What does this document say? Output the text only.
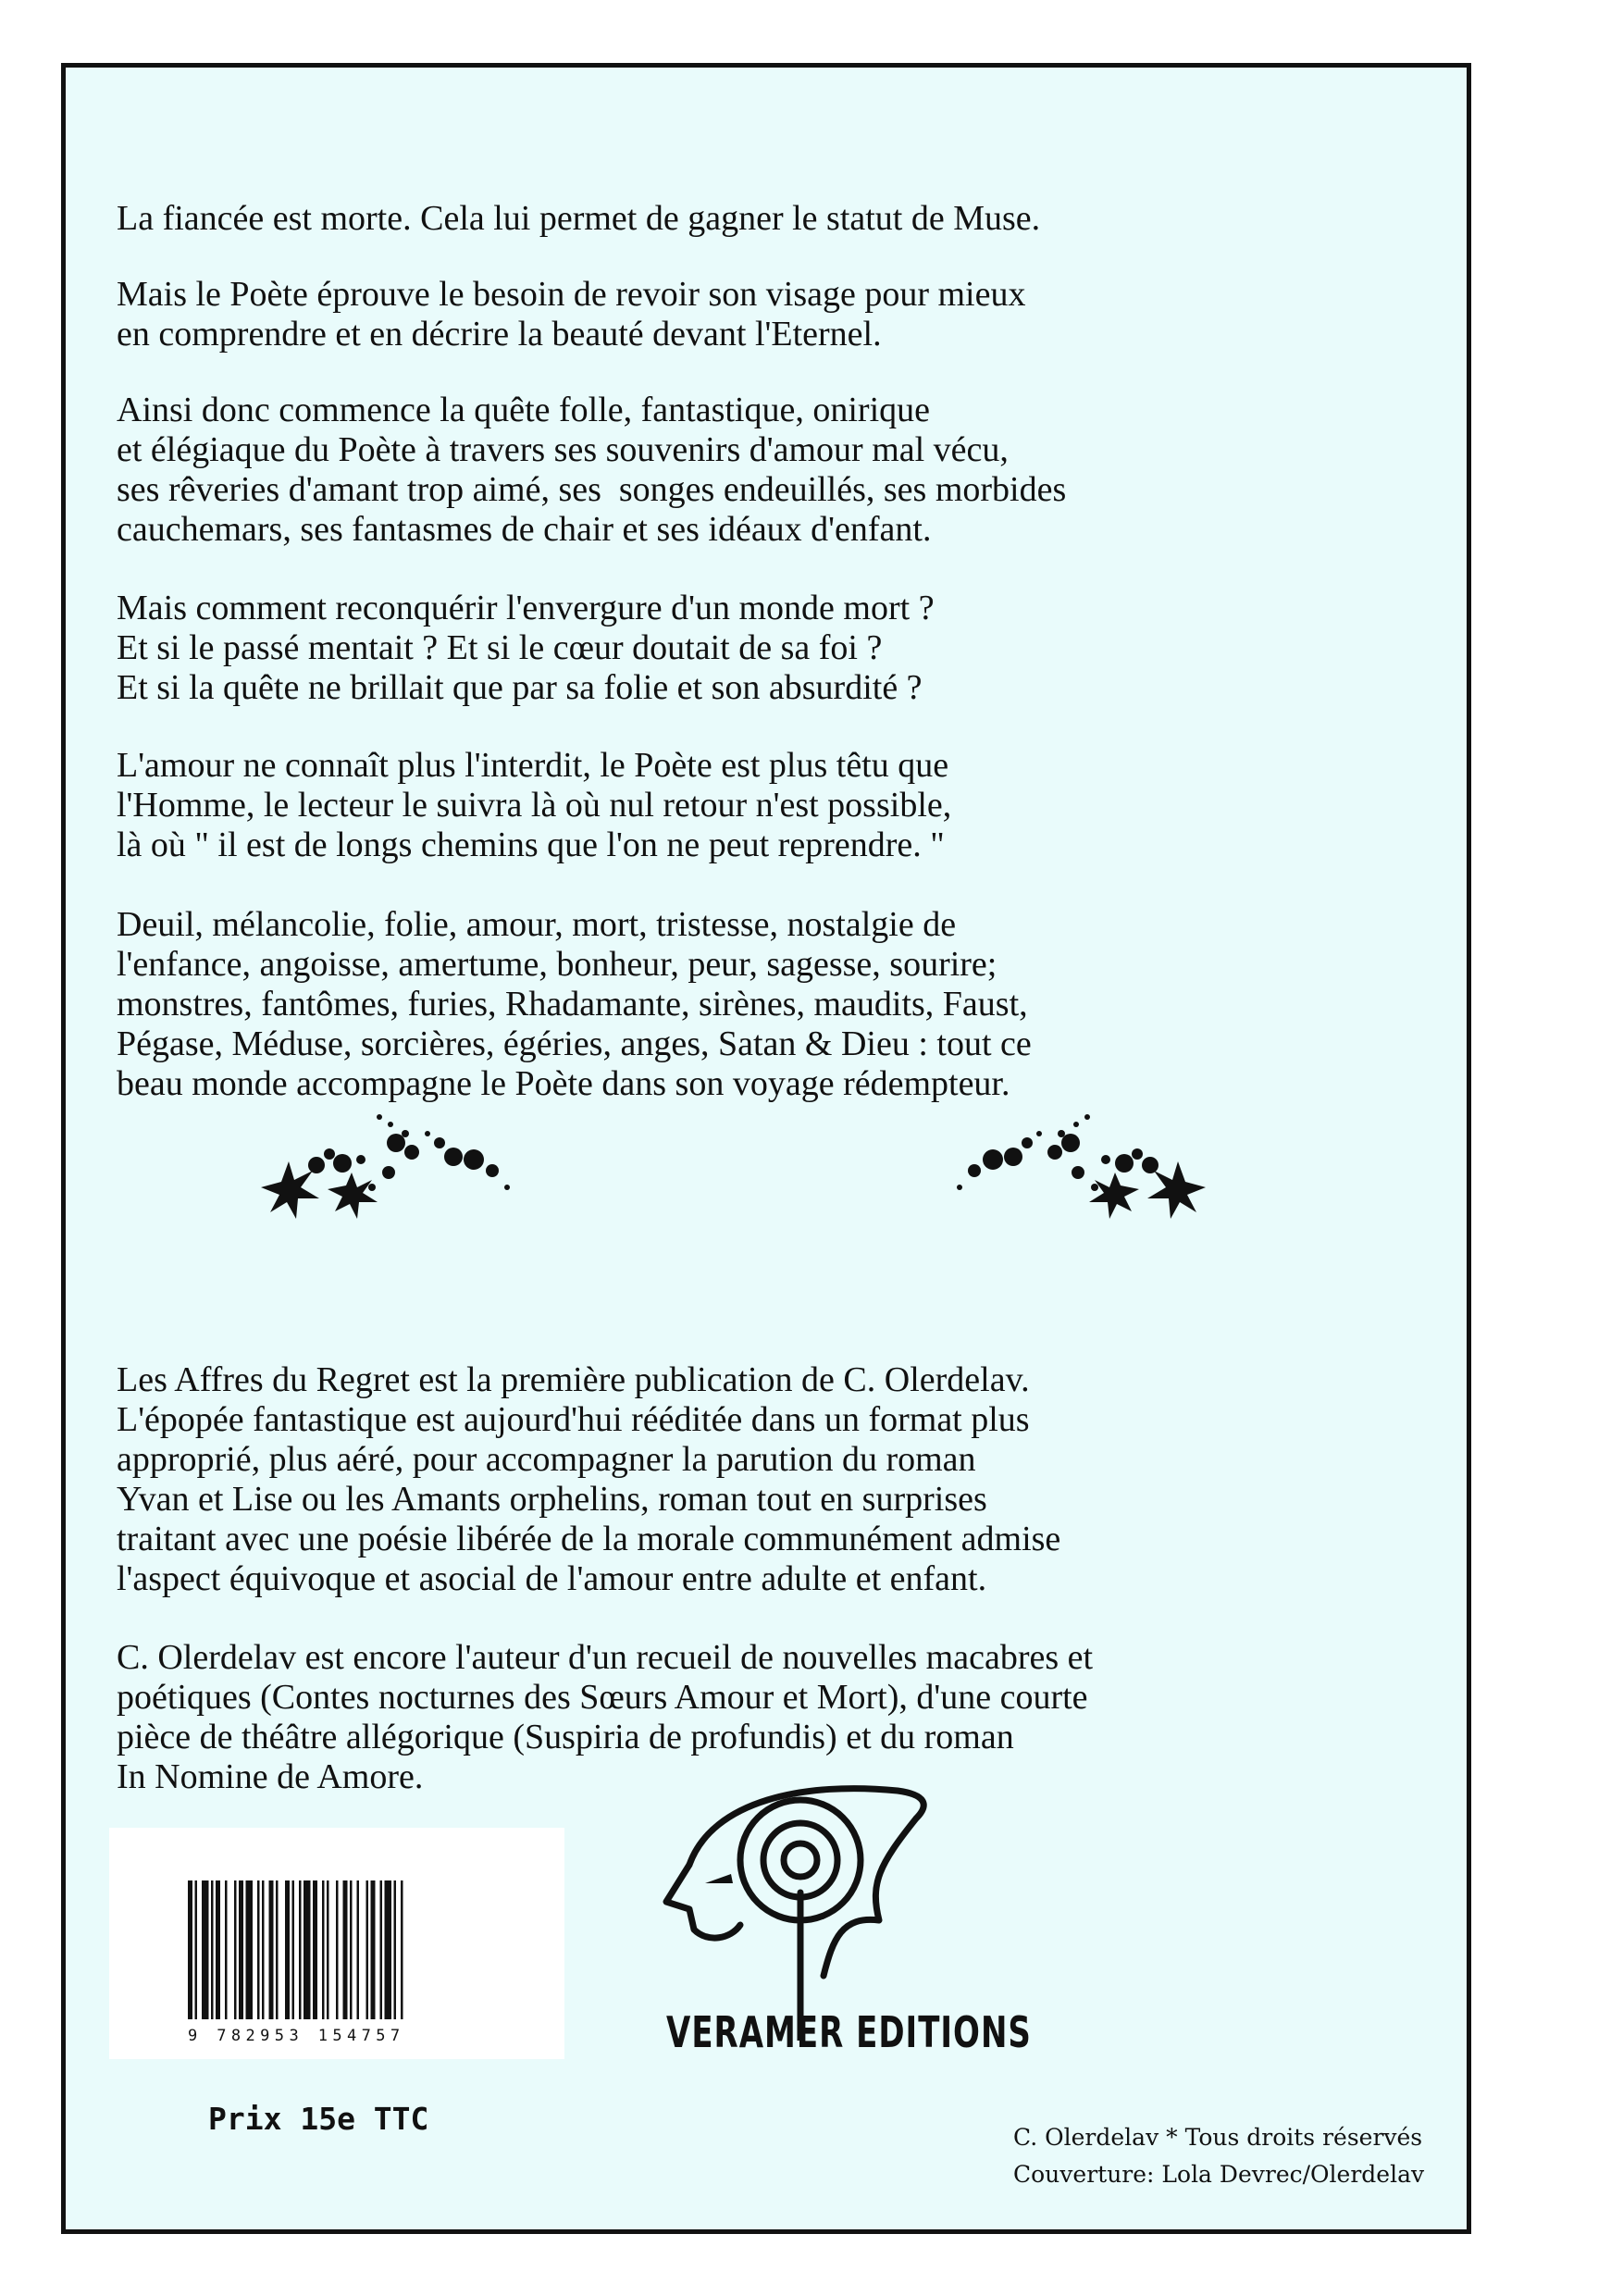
La fiancée est morte. Cela lui permet de gagner le statut de Muse.

Mais le Poète éprouve le besoin de revoir son visage pour mieux
en comprendre et en décrire la beauté devant l'Eternel.

Ainsi donc commence la quête folle, fantastique, onirique
et élégiaque du Poète à travers ses souvenirs d'amour mal vécu,
ses rêveries d'amant trop aimé, ses  songes endeuillés, ses morbides
cauchemars, ses fantasmes de chair et ses idéaux d'enfant.

Mais comment reconquérir l'envergure d'un monde mort ?
Et si le passé mentait ? Et si le cœur doutait de sa foi ?
Et si la quête ne brillait que par sa folie et son absurdité ?

L'amour ne connaît plus l'interdit, le Poète est plus têtu que
l'Homme, le lecteur le suivra là où nul retour n'est possible,
là où " il est de longs chemins que l'on ne peut reprendre. "

Deuil, mélancolie, folie, amour, mort, tristesse, nostalgie de
l'enfance, angoisse, amertume, bonheur, peur, sagesse, sourire;
monstres, fantômes, furies, Rhadamante, sirènes, maudits, Faust,
Pégase, Méduse, sorcières, égéries, anges, Satan & Dieu : tout ce
beau monde accompagne le Poète dans son voyage rédempteur.

Les Affres du Regret est la première publication de C. Olerdelav.
L'épopée fantastique est aujourd'hui rééditée dans un format plus
approprié, plus aéré, pour accompagner la parution du roman
Yvan et Lise ou les Amants orphelins, roman tout en surprises
traitant avec une poésie libérée de la morale communément admise
l'aspect équivoque et asocial de l'amour entre adulte et enfant.

C. Olerdelav est encore l'auteur d'un recueil de nouvelles macabres et
poétiques (Contes nocturnes des Sœurs Amour et Mort), d'une courte
pièce de théâtre allégorique (Suspiria de profundis) et du roman
In Nomine de Amore.

9 782953 154757
Prix 15e TTC
VERAMER EDITIONS
C. Olerdelav * Tous droits réservés
Couverture: Lola Devrec/Olerdelav
